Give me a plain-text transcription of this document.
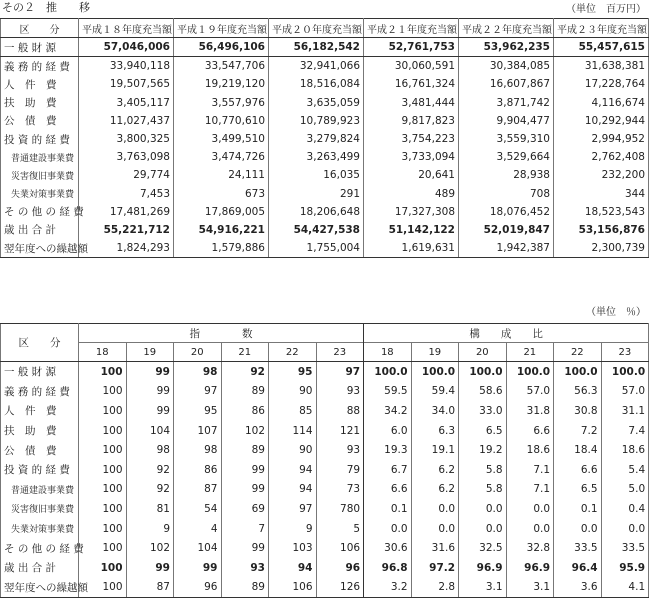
その２　推　　移	（単位　百万円）
区　　分	平成１８年度充当額	平成１９年度充当額	平成２０年度充当額	平成２１年度充当額	平成２２年度充当額	平成２３年度充当額
一 般 財 源	57,046,006	56,496,106	56,182,542	52,761,753	53,962,235	55,457,615
義 務 的 経 費	33,940,118	33,547,706	32,941,066	30,060,591	30,384,085	31,638,381
人　件　費	19,507,565	19,219,120	18,516,084	16,761,324	16,607,867	17,228,764
扶　助　費	3,405,117	3,557,976	3,635,059	3,481,444	3,871,742	4,116,674
公　債　費	11,027,437	10,770,610	10,789,923	9,817,823	9,904,477	10,292,944
投 資 的 経 費	3,800,325	3,499,510	3,279,824	3,754,223	3,559,310	2,994,952
普通建設事業費	3,763,098	3,474,726	3,263,499	3,733,094	3,529,664	2,762,408
災害復旧事業費	29,774	24,111	16,035	20,641	28,938	232,200
失業対策事業費	7,453	673	291	489	708	344
そ の 他 の 経 費	17,481,269	17,869,005	18,206,648	17,327,308	18,076,452	18,523,543
歳 出 合 計	55,221,712	54,916,221	54,427,538	51,142,122	52,019,847	53,156,876
翌年度への繰越額	1,824,293	1,579,886	1,755,004	1,619,631	1,942,387	2,300,739
（単位　％）
区　　分	指　　　　数						構　　成　　比					
	18	19	20	21	22	23	18	19	20	21	22	23
一 般 財 源	100	99	98	92	95	97	100.0	100.0	100.0	100.0	100.0	100.0
義 務 的 経 費	100	99	97	89	90	93	59.5	59.4	58.6	57.0	56.3	57.0
人　件　費	100	99	95	86	85	88	34.2	34.0	33.0	31.8	30.8	31.1
扶　助　費	100	104	107	102	114	121	6.0	6.3	6.5	6.6	7.2	7.4
公　債　費	100	98	98	89	90	93	19.3	19.1	19.2	18.6	18.4	18.6
投 資 的 経 費	100	92	86	99	94	79	6.7	6.2	5.8	7.1	6.6	5.4
普通建設事業費	100	92	87	99	94	73	6.6	6.2	5.8	7.1	6.5	5.0
災害復旧事業費	100	81	54	69	97	780	0.1	0.0	0.0	0.0	0.1	0.4
失業対策事業費	100	9	4	7	9	5	0.0	0.0	0.0	0.0	0.0	0.0
そ の 他 の 経 費	100	102	104	99	103	106	30.6	31.6	32.5	32.8	33.5	33.5
歳 出 合 計	100	99	99	93	94	96	96.8	97.2	96.9	96.9	96.4	95.9
翌年度への繰越額	100	87	96	89	106	126	3.2	2.8	3.1	3.1	3.6	4.1
